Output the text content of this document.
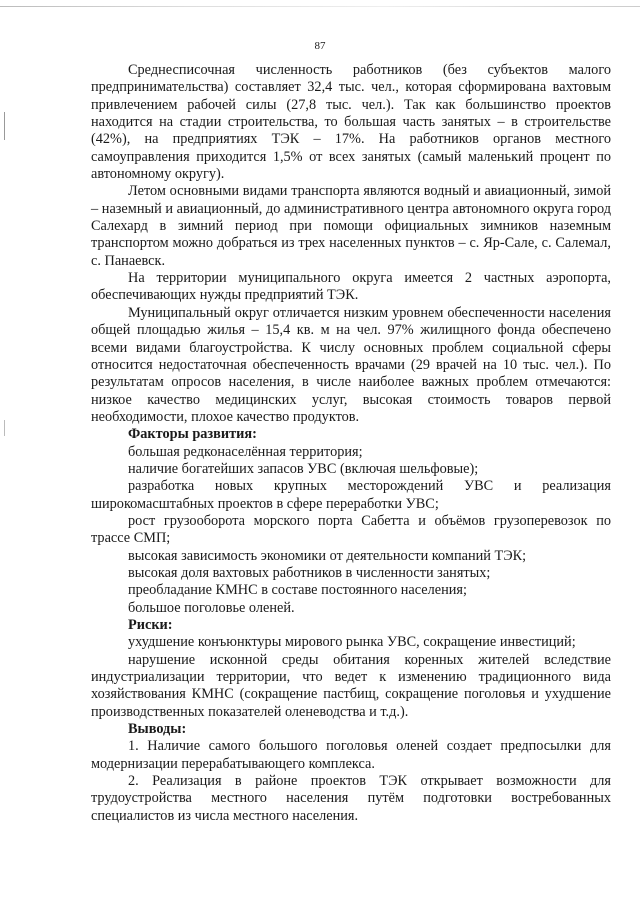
87

Среднесписочная численность работников (без субъектов малого предпринимательства) составляет 32,4 тыс. чел., которая сформирована вахтовым привлечением рабочей силы (27,8 тыс. чел.). Так как большинство проектов находится на стадии строительства, то большая часть занятых – в строительстве (42%), на предприятиях ТЭК – 17%. На работников органов местного самоуправления приходится 1,5% от всех занятых (самый маленький процент по автономному округу).

Летом основными видами транспорта являются водный и авиационный, зимой – наземный и авиационный, до административного центра автономного округа город Салехард в зимний период при помощи официальных зимников наземным транспортом можно добраться из трех населенных пунктов – с. Яр-Сале, с. Салемал, с. Панаевск.

На территории муниципального округа имеется 2 частных аэропорта, обеспечивающих нужды предприятий ТЭК.

Муниципальный округ отличается низким уровнем обеспеченности населения общей площадью жилья – 15,4 кв. м на чел. 97% жилищного фонда обеспечено всеми видами благоустройства. К числу основных проблем социальной сферы относится недостаточная обеспеченность врачами (29 врачей на 10 тыс. чел.). По результатам опросов населения, в числе наиболее важных проблем отмечаются: низкое качество медицинских услуг, высокая стоимость товаров первой необходимости, плохое качество продуктов.

Факторы развития:

большая редконаселённая территория;

наличие богатейших запасов УВС (включая шельфовые);

разработка новых крупных месторождений УВС и реализация широкомасштабных проектов в сфере переработки УВС;

рост грузооборота морского порта Сабетта и объёмов грузоперевозок по трассе СМП;

высокая зависимость экономики от деятельности компаний ТЭК;

высокая доля вахтовых работников в численности занятых;

преобладание КМНС в составе постоянного населения;

большое поголовье оленей.

Риски:

ухудшение конъюнктуры мирового рынка УВС, сокращение инвестиций;

нарушение исконной среды обитания коренных жителей вследствие индустриализации территории, что ведет к изменению традиционного вида хозяйствования КМНС (сокращение пастбищ, сокращение поголовья и ухудшение производственных показателей оленеводства и т.д.).

Выводы:

1. Наличие самого большого поголовья оленей создает предпосылки для модернизации перерабатывающего комплекса.

2. Реализация в районе проектов ТЭК открывает возможности для трудоустройства местного населения путём подготовки востребованных специалистов из числа местного населения.
